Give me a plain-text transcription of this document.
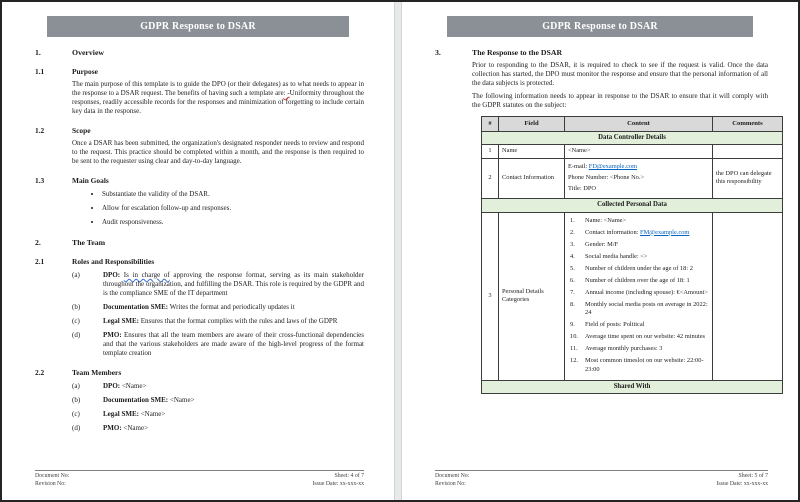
GDPR Response to DSAR
1.	Overview
1.1	Purpose

The main purpose of this template is to guide the DPO (or their delegates) as to what needs to appear in the response to a DSAR request. The benefits of having such a template are: -Uniformity throughout the responses, readily accessible records for the responses and minimization of forgetting to include certain key data in the response.

1.2	Scope

Once a DSAR has been submitted, the organization's designated responder needs to review and respond to the request. This practice should be completed within a month, and the response is then required to be sent to the requester using clear and day-to-day language.

1.3	Main Goals
• Substantiate the validity of the DSAR.
• Allow for escalation follow-up and responses.
• Audit responsiveness.
2.	The Team
2.1	Roles and Responsibilities
(a)	DPO: Is in charge of approving the response format, serving as its main stakeholder throughout the organization, and fulfilling the DSAR. This role is required by the GDPR and is the compliance SME of the IT department
(b)	Documentation SME: Writes the format and periodically updates it
(c)	Legal SME: Ensures that the format complies with the rules and laws of the GDPR
(d)	PMO: Ensures that all the team members are aware of their cross-functional dependencies and that the various stakeholders are made aware of the high-level progress of the format template creation
2.2	Team Members
(a)	DPO: <Name>
(b)	Documentation SME: <Name>
(c)	Legal SME: <Name>
(d)	PMO: <Name>
Document No:
Revision No:
Sheet: 4 of 7
Issue Date: xx-xxx-xx
GDPR Response to DSAR
3.	The Response to the DSAR

Prior to responding to the DSAR, it is required to check to see if the request is valid. Once the data collection has started, the DPO must monitor the response and ensure that the personal information of all the data subjects is protected.

The following information needs to appear in response to the DSAR to ensure that it will comply with the GDPR statutes on the subject:

#	Field	Content	Comments
Data Controller Details			
1	Name	<Name>	
2	Contact Information	E-mail: FD@example.com
Phone Number: <Phone No.>
Title: DPO	the DPO can delegate this responsibility
Collected Personal Data			
3	Personal Details Categories	
Name: <Name>
Contact information: FM@example.com
Gender: M/F
Social media handle: <>
Number of children under the age of 18: 2
Number of children over the age of 18: 1
Annual income (including spouse): €<Amount>
Monthly social media posts on average in 2022: 24
Field of posts: Political
Average time spent on our website: 42 minutes
Average monthly purchases: 3
Most common timeslot on our website: 22:00-23:00

Shared With			
Document No:
Revision No:
Sheet: 5 of 7
Issue Date: xx-xxx-xx
